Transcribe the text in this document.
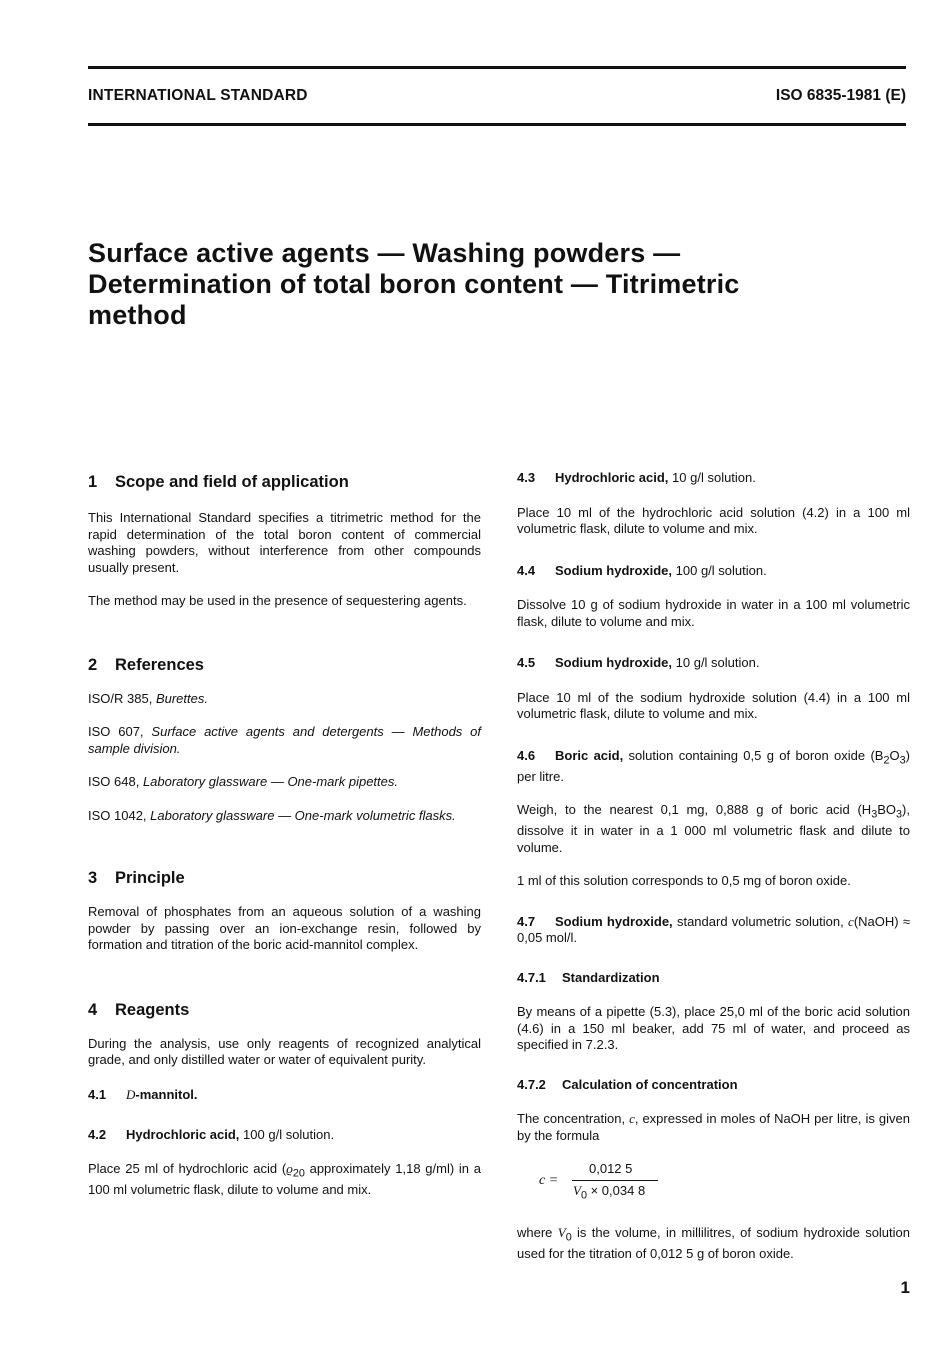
INTERNATIONAL STANDARD	ISO 6835-1981 (E)
Surface active agents — Washing powders —
Determination of total boron content — Titrimetric
method
1 Scope and field of application

This International Standard specifies a titrimetric method for the rapid determination of the total boron content of commercial washing powders, without interference from other compounds usually present.

The method may be used in the presence of sequestering agents.

2 References

ISO/R 385, Burettes.

ISO 607, Surface active agents and detergents — Methods of sample division.

ISO 648, Laboratory glassware — One-mark pipettes.

ISO 1042, Laboratory glassware — One-mark volumetric flasks.

3 Principle

Removal of phosphates from an aqueous solution of a washing powder by passing over an ion-exchange resin, followed by formation and titration of the boric acid-mannitol complex.

4 Reagents

During the analysis, use only reagents of recognized analytical grade, and only distilled water or water of equivalent purity.

4.1 D-mannitol.
4.2 Hydrochloric acid, 100 g/l solution.

Place 25 ml of hydrochloric acid ($ϱ_{20}$ approximately 1,18 g/ml) in a 100 ml volumetric flask, dilute to volume and mix.

4.3 Hydrochloric acid, 10 g/l solution.

Place 10 ml of the hydrochloric acid solution (4.2) in a 100 ml volumetric flask, dilute to volume and mix.

4.4 Sodium hydroxide, 100 g/l solution.

Dissolve 10 g of sodium hydroxide in water in a 100 ml volumetric flask, dilute to volume and mix.

4.5 Sodium hydroxide, 10 g/l solution.

Place 10 ml of the sodium hydroxide solution (4.4) in a 100 ml volumetric flask, dilute to volume and mix.

4.6 Boric acid, solution containing 0,5 g of boron oxide $(B_2O_3)$ per litre.

Weigh, to the nearest 0,1 mg, 0,888 g of boric acid $(H_3BO_3)$, dissolve it in water in a 1 000 ml volumetric flask and dilute to volume.

1 ml of this solution corresponds to 0,5 mg of boron oxide.

4.7 Sodium hydroxide, standard volumetric solution, c(NaOH) ≈ 0,05 mol/l.

4.7.1 Standardization

By means of a pipette (5.3), place 25,0 ml of the boric acid solution (4.6) in a 150 ml beaker, add 75 ml of water, and proceed as specified in 7.2.3.

4.7.2 Calculation of concentration

The concentration, c, expressed in moles of NaOH per litre, is given by the formula

c =
0,012 5
$V_0 \times 0,034$ 8

where $V_0$ is the volume, in millilitres, of sodium hydroxide solution used for the titration of 0,012 5 g of boron oxide.

1
